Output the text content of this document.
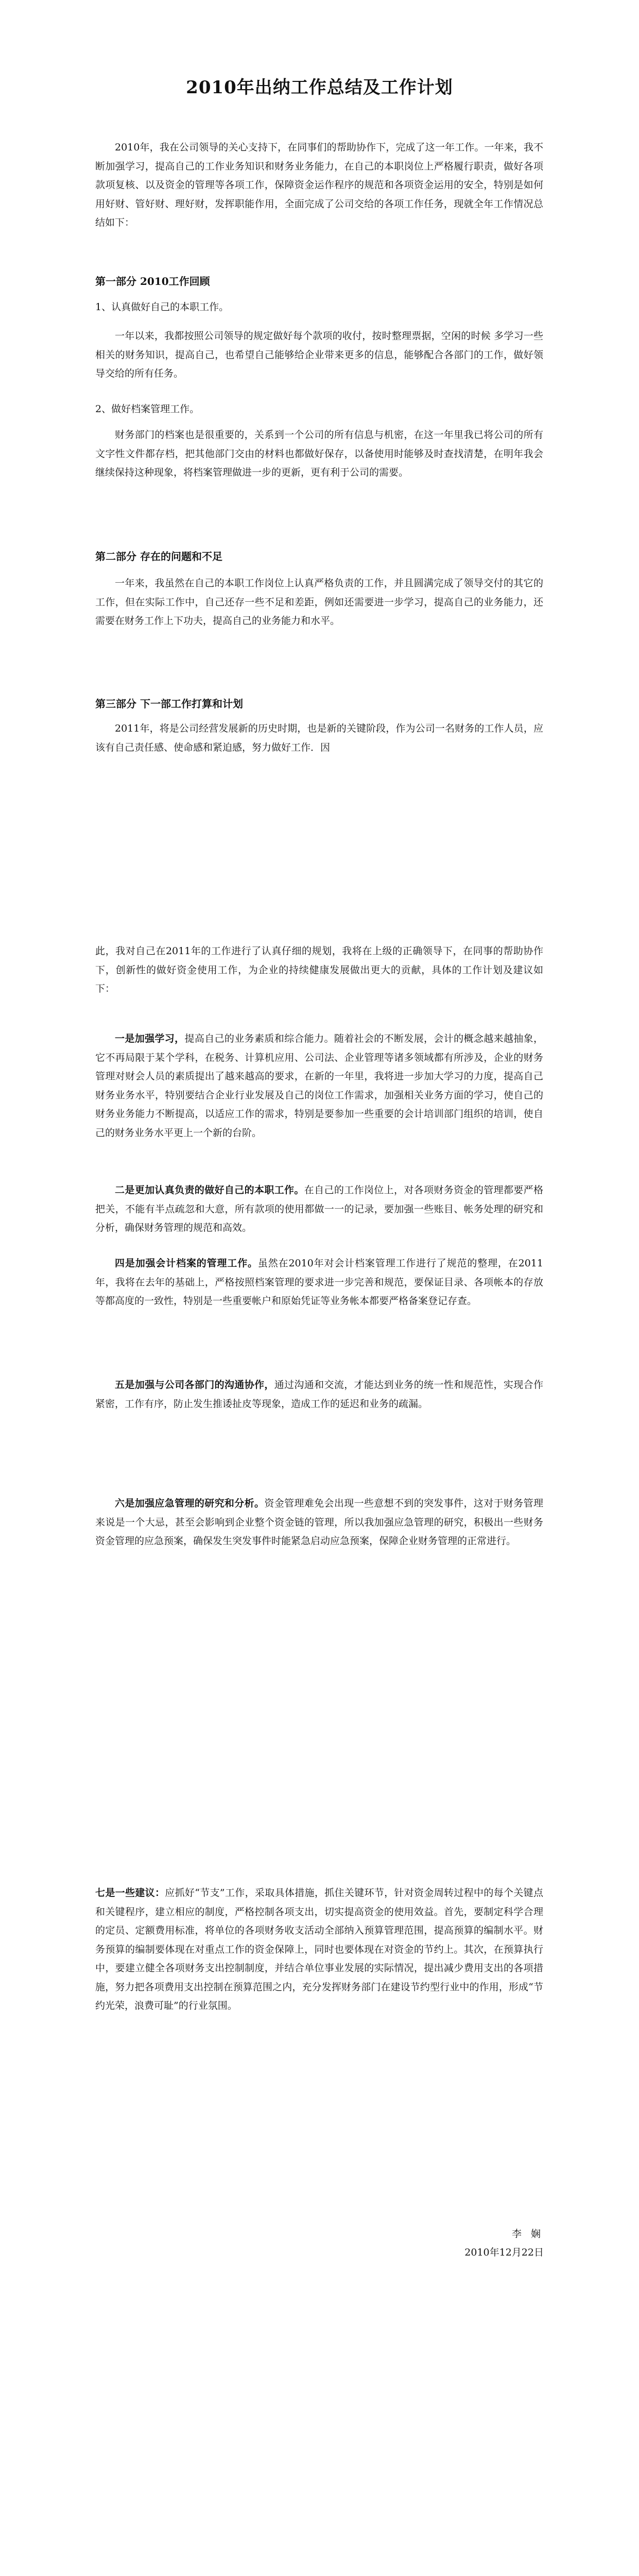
2010年出纳工作总结及工作计划

2010年，我在公司领导的关心支持下，在同事们的帮助协作下，完成了这一年工作。一年来，我不断加强学习，提高自己的工作业务知识和财务业务能力，在自己的本职岗位上严格履行职责，做好各项款项复核、以及资金的管理等各项工作，保障资金运作程序的规范和各项资金运用的安全，特别是如何用好财、管好财、理好财，发挥职能作用，全面完成了公司交给的各项工作任务，现就全年工作情况总结如下：

第一部分 2010工作回顾

1、认真做好自己的本职工作。

一年以来，我都按照公司领导的规定做好每个款项的收付，按时整理票据，空闲的时候 多学习一些相关的财务知识，提高自己，也希望自己能够给企业带来更多的信息，能够配合各部门的工作，做好领导交给的所有任务。

2、做好档案管理工作。

财务部门的档案也是很重要的，关系到一个公司的所有信息与机密，在这一年里我已将公司的所有文字性文件都存档，把其他部门交由的材料也都做好保存，以备使用时能够及时查找清楚，在明年我会继续保持这种现象，将档案管理做进一步的更新，更有利于公司的需要。

第二部分 存在的问题和不足

一年来，我虽然在自己的本职工作岗位上认真严格负责的工作，并且圆满完成了领导交付的其它的工作，但在实际工作中，自己还存一些不足和差距，例如还需要进一步学习，提高自己的业务能力，还需要在财务工作上下功夫，提高自己的业务能力和水平。

第三部分 下一部工作打算和计划

2011年，将是公司经营发展新的历史时期，也是新的关键阶段，作为公司一名财务的工作人员，应该有自己责任感、使命感和紧迫感，努力做好工作．因

此，我对自己在2011年的工作进行了认真仔细的规划，我将在上级的正确领导下，在同事的帮助协作下，创新性的做好资金使用工作，为企业的持续健康发展做出更大的贡献，具体的工作计划及建议如下：

一是加强学习，提高自己的业务素质和综合能力。随着社会的不断发展，会计的概念越来越抽象，它不再局限于某个学科，在税务、计算机应用、公司法、企业管理等诸多领域都有所涉及，企业的财务管理对财会人员的素质提出了越来越高的要求，在新的一年里，我将进一步加大学习的力度，提高自己财务业务水平，特别要结合企业行业发展及自己的岗位工作需求，加强相关业务方面的学习，使自己的财务业务能力不断提高，以适应工作的需求，特别是要参加一些重要的会计培训部门组织的培训，使自己的财务业务水平更上一个新的台阶。

二是更加认真负责的做好自己的本职工作。在自己的工作岗位上，对各项财务资金的管理都要严格把关，不能有半点疏忽和大意，所有款项的使用都做一一的记录，要加强一些账目、帐务处理的研究和分析，确保财务管理的规范和高效。

四是加强会计档案的管理工作。虽然在2010年对会计档案管理工作进行了规范的整理，在2011年，我将在去年的基础上，严格按照档案管理的要求进一步完善和规范，要保证目录、各项帐本的存放等都高度的一致性，特别是一些重要帐户和原始凭证等业务帐本都要严格备案登记存查。

五是加强与公司各部门的沟通协作，通过沟通和交流，才能达到业务的统一性和规范性，实现合作紧密，工作有序，防止发生推诿扯皮等现象，造成工作的延迟和业务的疏漏。

六是加强应急管理的研究和分析。资金管理难免会出现一些意想不到的突发事件，这对于财务管理来说是一个大忌，甚至会影响到企业整个资金链的管理，所以我加强应急管理的研究，积极出一些财务资金管理的应急预案，确保发生突发事件时能紧急启动应急预案，保障企业财务管理的正常进行。

七是一些建议：应抓好“节支”工作，采取具体措施，抓住关键环节，针对资金周转过程中的每个关键点和关键程序，建立相应的制度，严格控制各项支出，切实提高资金的使用效益。首先，要制定科学合理的定员、定额费用标准，将单位的各项财务收支活动全部纳入预算管理范围，提高预算的编制水平。财务预算的编制要体现在对重点工作的资金保障上，同时也要体现在对资金的节约上。其次，在预算执行中，要建立健全各项财务支出控制制度，并结合单位事业发展的实际情况，提出减少费用支出的各项措施，努力把各项费用支出控制在预算范围之内，充分发挥财务部门在建设节约型行业中的作用，形成“节约光荣，浪费可耻”的行业氛围。

李 娴

2010年12月22日
